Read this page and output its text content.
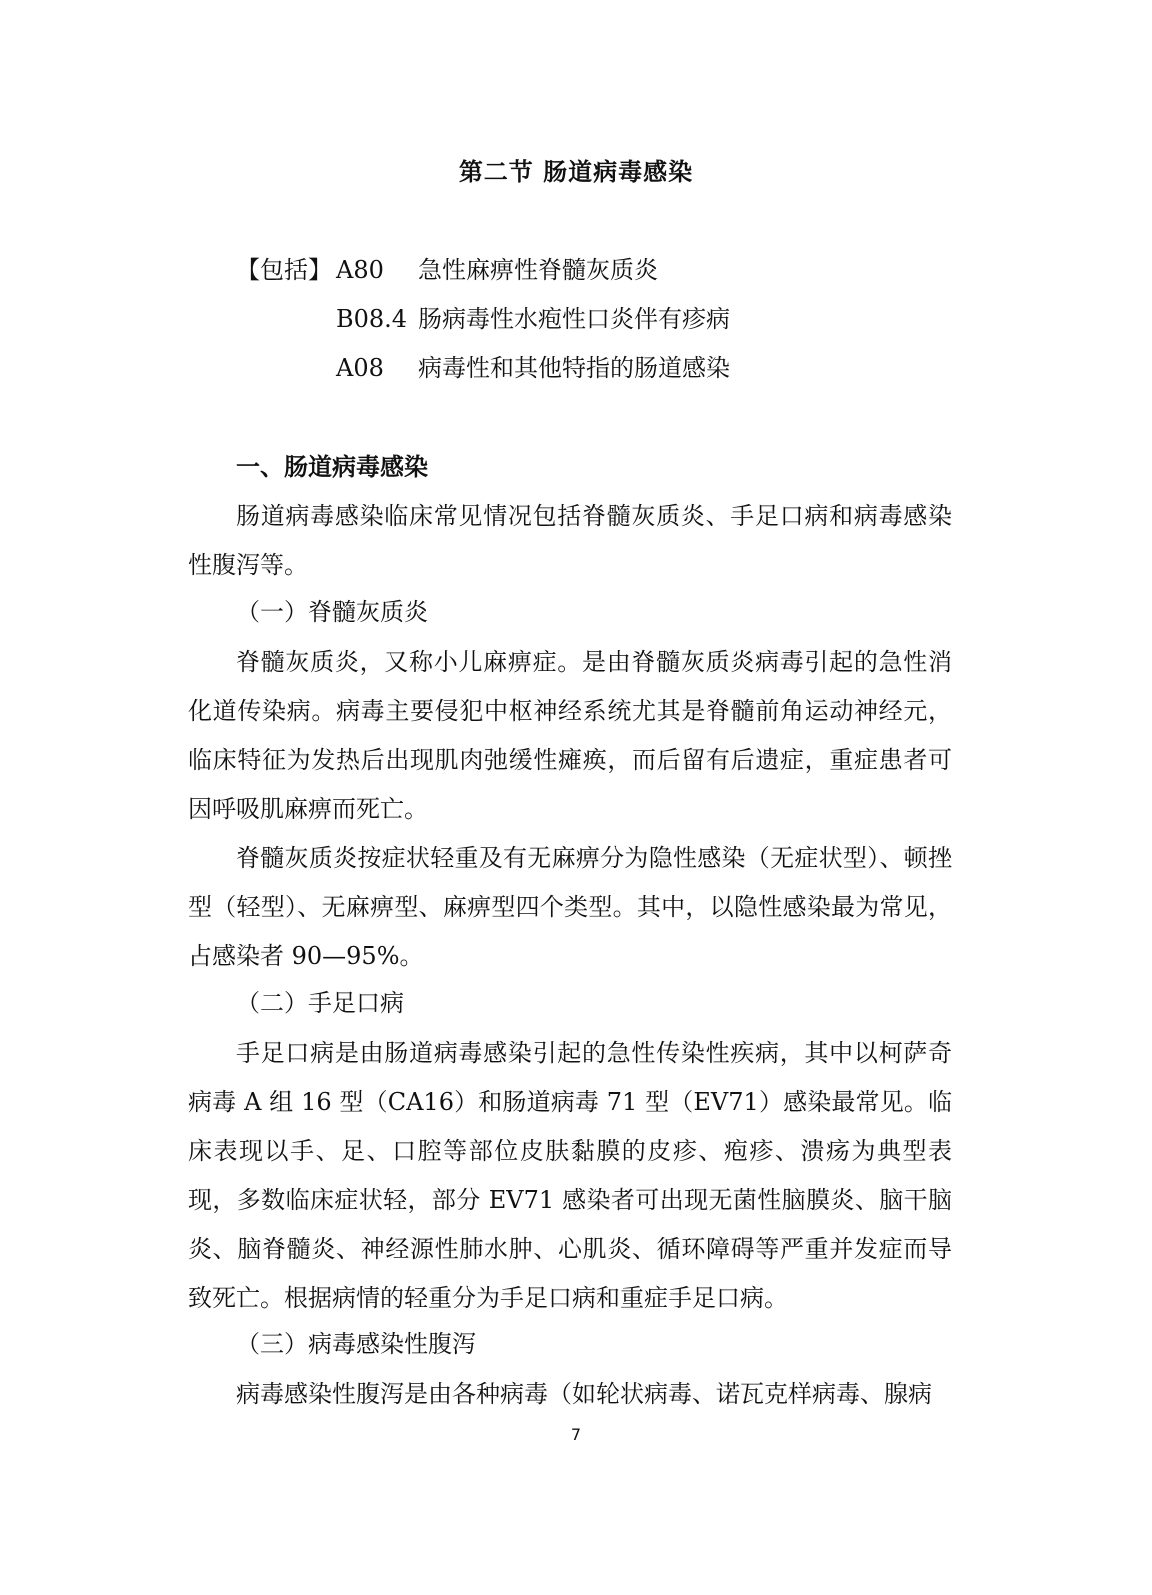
第二节 肠道病毒感染
【包括】 A80 急性麻痹性脊髓灰质炎
B08.4 肠病毒性水疱性口炎伴有疹病
A08 病毒性和其他特指的肠道感染
一、肠道病毒感染

肠道病毒感染临床常见情况包括脊髓灰质炎、手足口病和病毒感染性腹泻等。

（一）脊髓灰质炎

脊髓灰质炎，又称小儿麻痹症。是由脊髓灰质炎病毒引起的急性消化道传染病。病毒主要侵犯中枢神经系统尤其是脊髓前角运动神经元，临床特征为发热后出现肌肉弛缓性瘫痪，而后留有后遗症，重症患者可因呼吸肌麻痹而死亡。

脊髓灰质炎按症状轻重及有无麻痹分为隐性感染（无症状型）、顿挫型（轻型）、无麻痹型、麻痹型四个类型。其中，以隐性感染最为常见，占感染者 90—95%。

（二）手足口病

手足口病是由肠道病毒感染引起的急性传染性疾病，其中以柯萨奇病毒 A 组 16 型（CA16）和肠道病毒 71 型（EV71）感染最常见。临床表现以手、足、口腔等部位皮肤黏膜的皮疹、疱疹、溃疡为典型表现，多数临床症状轻，部分 EV71 感染者可出现无菌性脑膜炎、脑干脑炎、脑脊髓炎、神经源性肺水肿、心肌炎、循环障碍等严重并发症而导致死亡。根据病情的轻重分为手足口病和重症手足口病。

（三）病毒感染性腹泻

病毒感染性腹泻是由各种病毒（如轮状病毒、诺瓦克样病毒、腺病

7
